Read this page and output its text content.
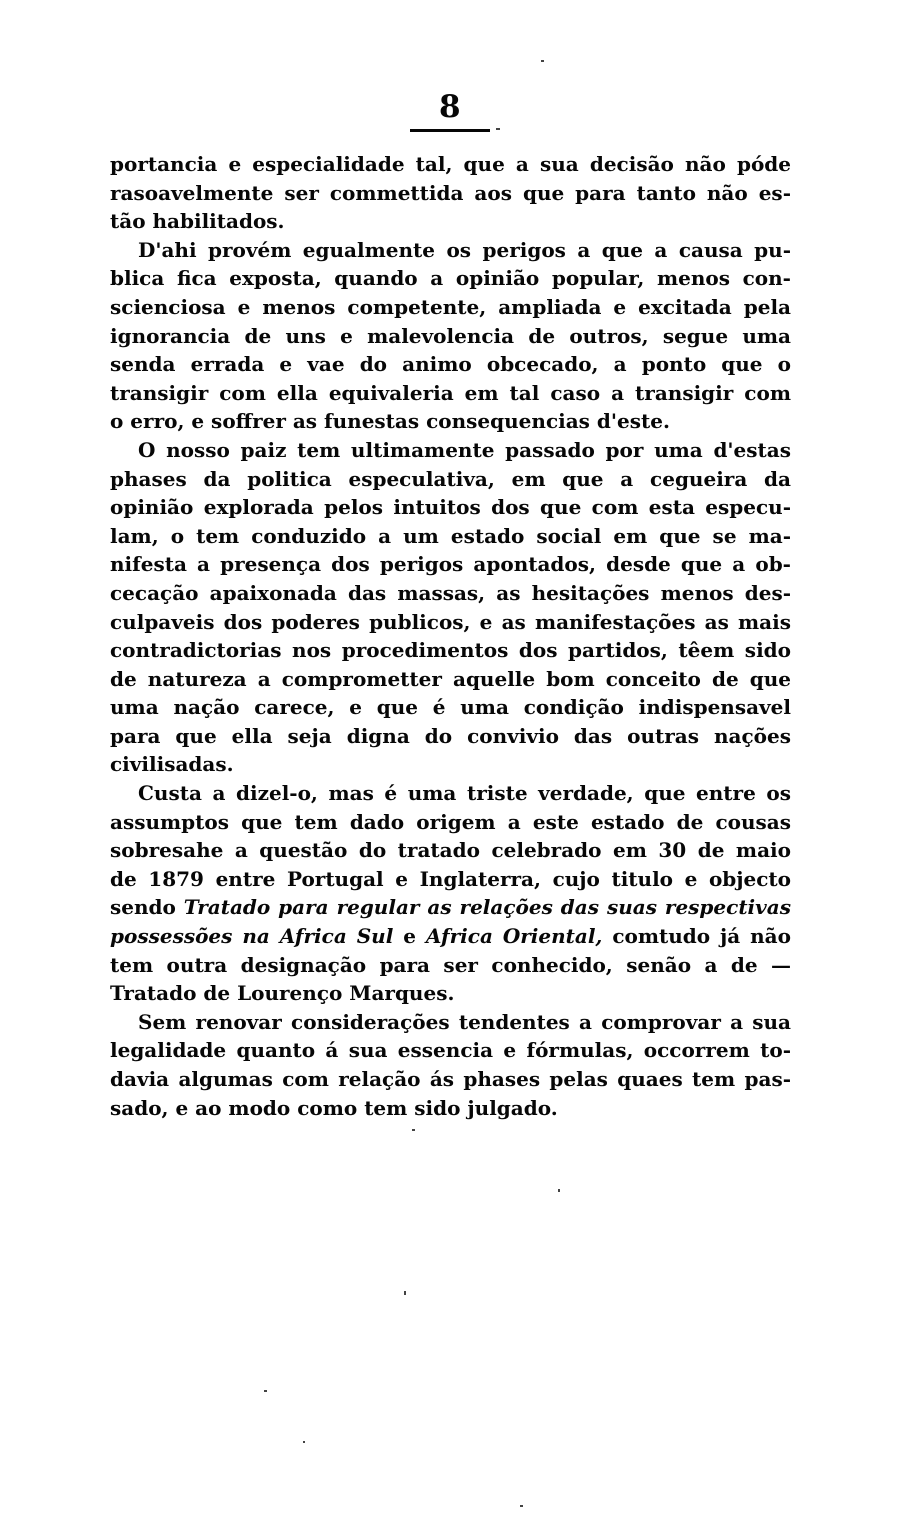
8
portancia e especialidade tal, que a sua decisão não póde
rasoavelmente ser commettida aos que para tanto não es-
tão habilitados.
D'ahi provém egualmente os perigos a que a causa pu-
blica fica exposta, quando a opinião popular, menos con-
scienciosa e menos competente, ampliada e excitada pela
ignorancia de uns e malevolencia de outros, segue uma
senda errada e vae do animo obcecado, a ponto que o
transigir com ella equivaleria em tal caso a transigir com
o erro, e soffrer as funestas consequencias d'este.
O nosso paiz tem ultimamente passado por uma d'estas
phases da politica especulativa, em que a cegueira da
opinião explorada pelos intuitos dos que com esta especu-
lam, o tem conduzido a um estado social em que se ma-
nifesta a presença dos perigos apontados, desde que a ob-
cecação apaixonada das massas, as hesitações menos des-
culpaveis dos poderes publicos, e as manifestações as mais
contradictorias nos procedimentos dos partidos, têem sido
de natureza a comprometter aquelle bom conceito de que
uma nação carece, e que é uma condição indispensavel
para que ella seja digna do convivio das outras nações
civilisadas.
Custa a dizel-o, mas é uma triste verdade, que entre os
assumptos que tem dado origem a este estado de cousas
sobresahe a questão do tratado celebrado em 30 de maio
de 1879 entre Portugal e Inglaterra, cujo titulo e objecto
sendo Tratado para regular as relações das suas respectivas
possessões na Africa Sul e Africa Oriental, comtudo já não
tem outra designação para ser conhecido, senão a de —
Tratado de Lourenço Marques.
Sem renovar considerações tendentes a comprovar a sua
legalidade quanto á sua essencia e fórmulas, occorrem to-
davia algumas com relação ás phases pelas quaes tem pas-
sado, e ao modo como tem sido julgado.
